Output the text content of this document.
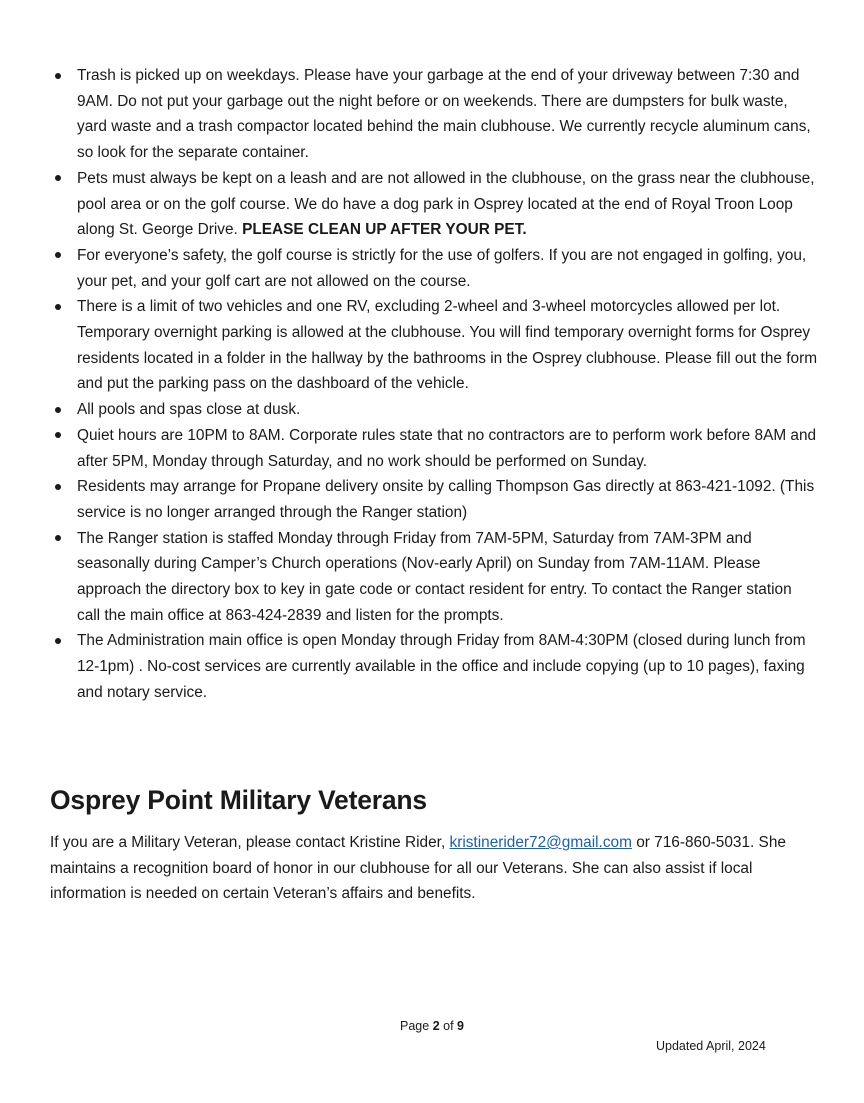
Trash is picked up on weekdays. Please have your garbage at the end of your driveway between 7:30 and 9AM. Do not put your garbage out the night before or on weekends. There are dumpsters for bulk waste, yard waste and a trash compactor located behind the main clubhouse. We currently recycle aluminum cans, so look for the separate container.
Pets must always be kept on a leash and are not allowed in the clubhouse, on the grass near the clubhouse, pool area or on the golf course. We do have a dog park in Osprey located at the end of Royal Troon Loop along St. George Drive. PLEASE CLEAN UP AFTER YOUR PET.
For everyone’s safety, the golf course is strictly for the use of golfers. If you are not engaged in golfing, you, your pet, and your golf cart are not allowed on the course.
There is a limit of two vehicles and one RV, excluding 2-wheel and 3-wheel motorcycles allowed per lot. Temporary overnight parking is allowed at the clubhouse. You will find temporary overnight forms for Osprey residents located in a folder in the hallway by the bathrooms in the Osprey clubhouse. Please fill out the form and put the parking pass on the dashboard of the vehicle.
All pools and spas close at dusk.
Quiet hours are 10PM to 8AM. Corporate rules state that no contractors are to perform work before 8AM and after 5PM, Monday through Saturday, and no work should be performed on Sunday.
Residents may arrange for Propane delivery onsite by calling Thompson Gas directly at 863-421-1092. (This service is no longer arranged through the Ranger station)
The Ranger station is staffed Monday through Friday from 7AM-5PM, Saturday from 7AM-3PM and seasonally during Camper’s Church operations (Nov-early April) on Sunday from 7AM-11AM. Please approach the directory box to key in gate code or contact resident for entry. To contact the Ranger station call the main office at 863-424-2839 and listen for the prompts.
The Administration main office is open Monday through Friday from 8AM-4:30PM (closed during lunch from 12-1pm) . No-cost services are currently available in the office and include copying (up to 10 pages), faxing and notary service.
Osprey Point Military Veterans

If you are a Military Veteran, please contact Kristine Rider, kristinerider72@gmail.com or 716-860-5031. She maintains a recognition board of honor in our clubhouse for all our Veterans. She can also assist if local information is needed on certain Veteran’s affairs and benefits.

Page 2 of 9
Updated April, 2024
